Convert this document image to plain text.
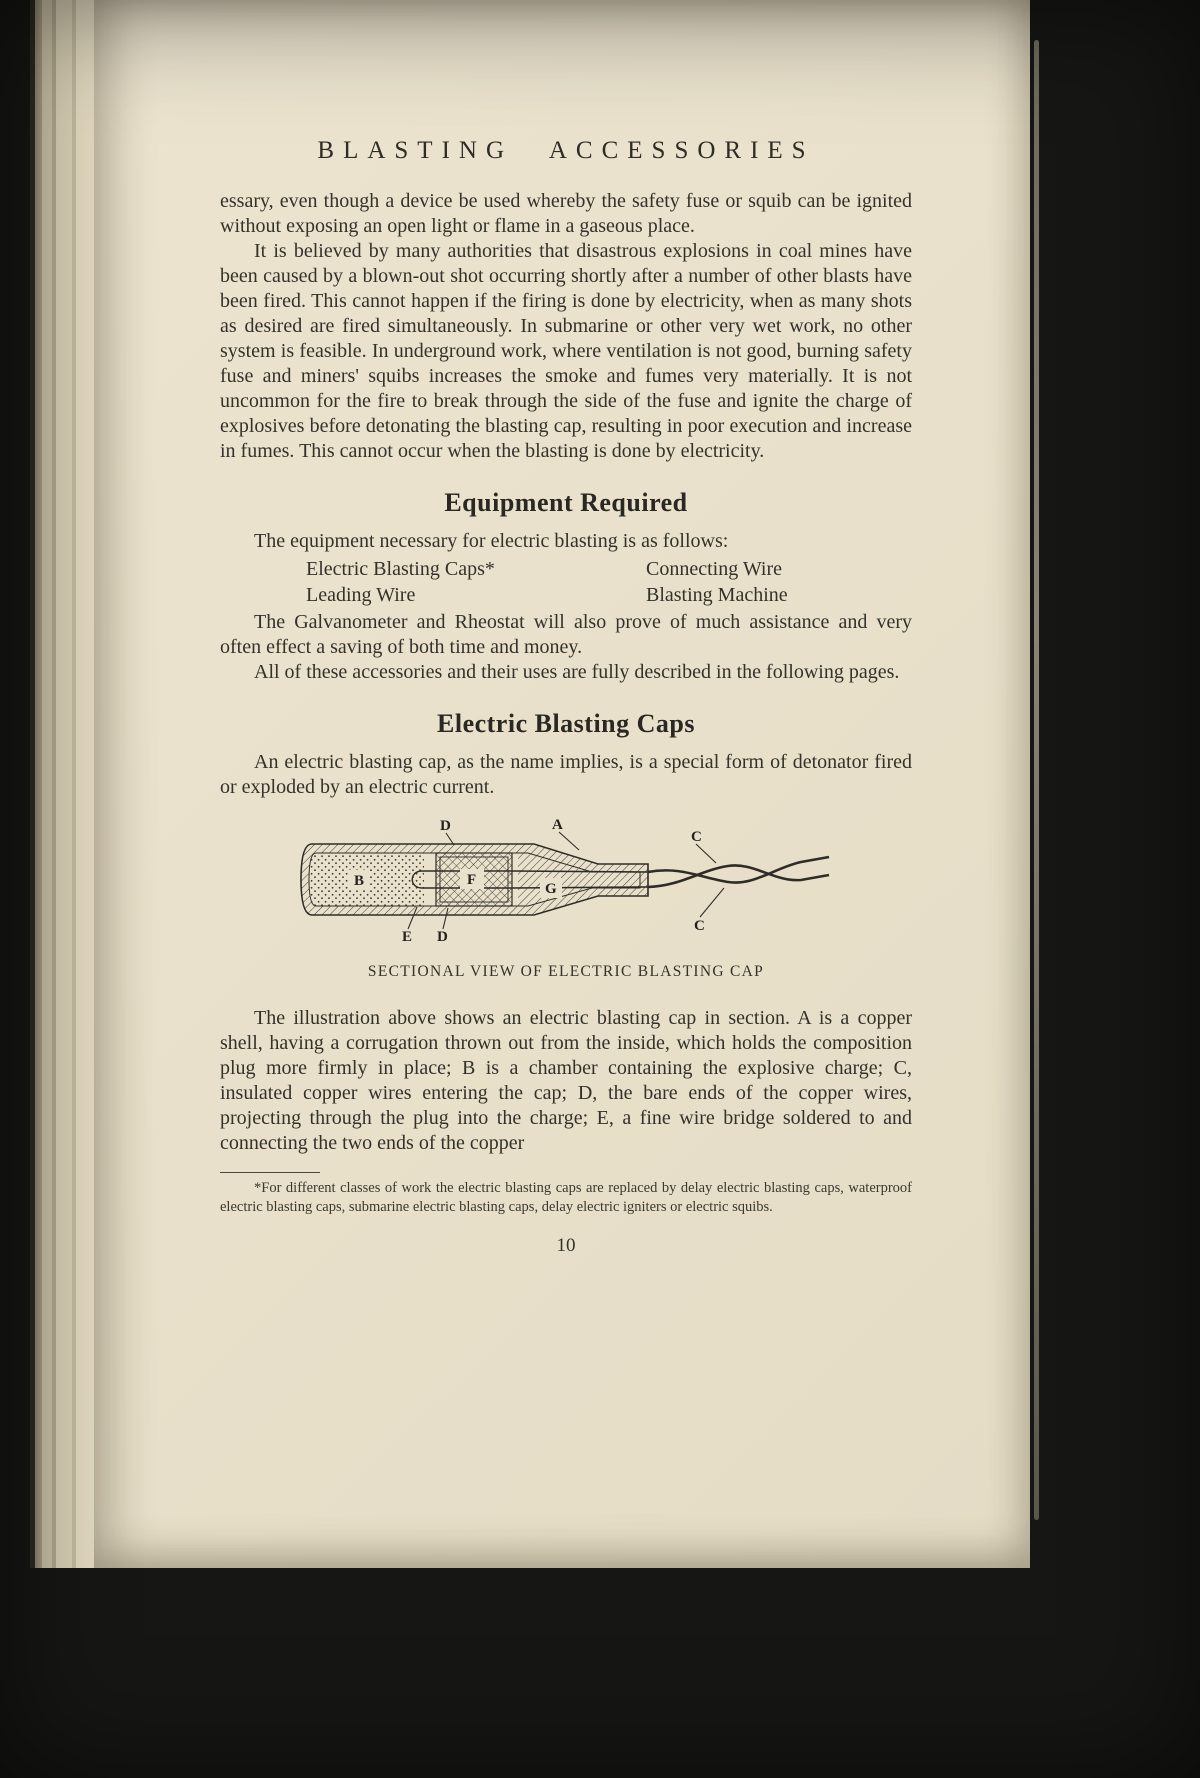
BLASTING ACCESSORIES

essary, even though a device be used whereby the safety fuse or squib can be ignited without exposing an open light or flame in a gaseous place.

It is believed by many authorities that disastrous explosions in coal mines have been caused by a blown-out shot occurring shortly after a number of other blasts have been fired. This cannot happen if the firing is done by electricity, when as many shots as desired are fired simultaneously. In submarine or other very wet work, no other system is feasible. In underground work, where ventilation is not good, burning safety fuse and miners' squibs increases the smoke and fumes very materially. It is not uncommon for the fire to break through the side of the fuse and ignite the charge of explosives before detonating the blasting cap, resulting in poor execution and increase in fumes. This cannot occur when the blasting is done by electricity.

Equipment Required

The equipment necessary for electric blasting is as follows:

Electric Blasting Caps*
Leading Wire
Connecting Wire
Blasting Machine

The Galvanometer and Rheostat will also prove of much assistance and very often effect a saving of both time and money.

All of these accessories and their uses are fully described in the following pages.

Electric Blasting Caps

An electric blasting cap, as the name implies, is a special form of detonator fired or exploded by an electric current.

D	A
C
B	F
G
E D
C
SECTIONAL VIEW OF ELECTRIC BLASTING CAP

The illustration above shows an electric blasting cap in section. A is a copper shell, having a corrugation thrown out from the inside, which holds the composition plug more firmly in place; B is a chamber containing the explosive charge; C, insulated copper wires entering the cap; D, the bare ends of the copper wires, projecting through the plug into the charge; E, a fine wire bridge soldered to and connecting the two ends of the copper

*For different classes of work the electric blasting caps are replaced by delay electric blasting caps, waterproof electric blasting caps, submarine electric blasting caps, delay electric igniters or electric squibs.

10
